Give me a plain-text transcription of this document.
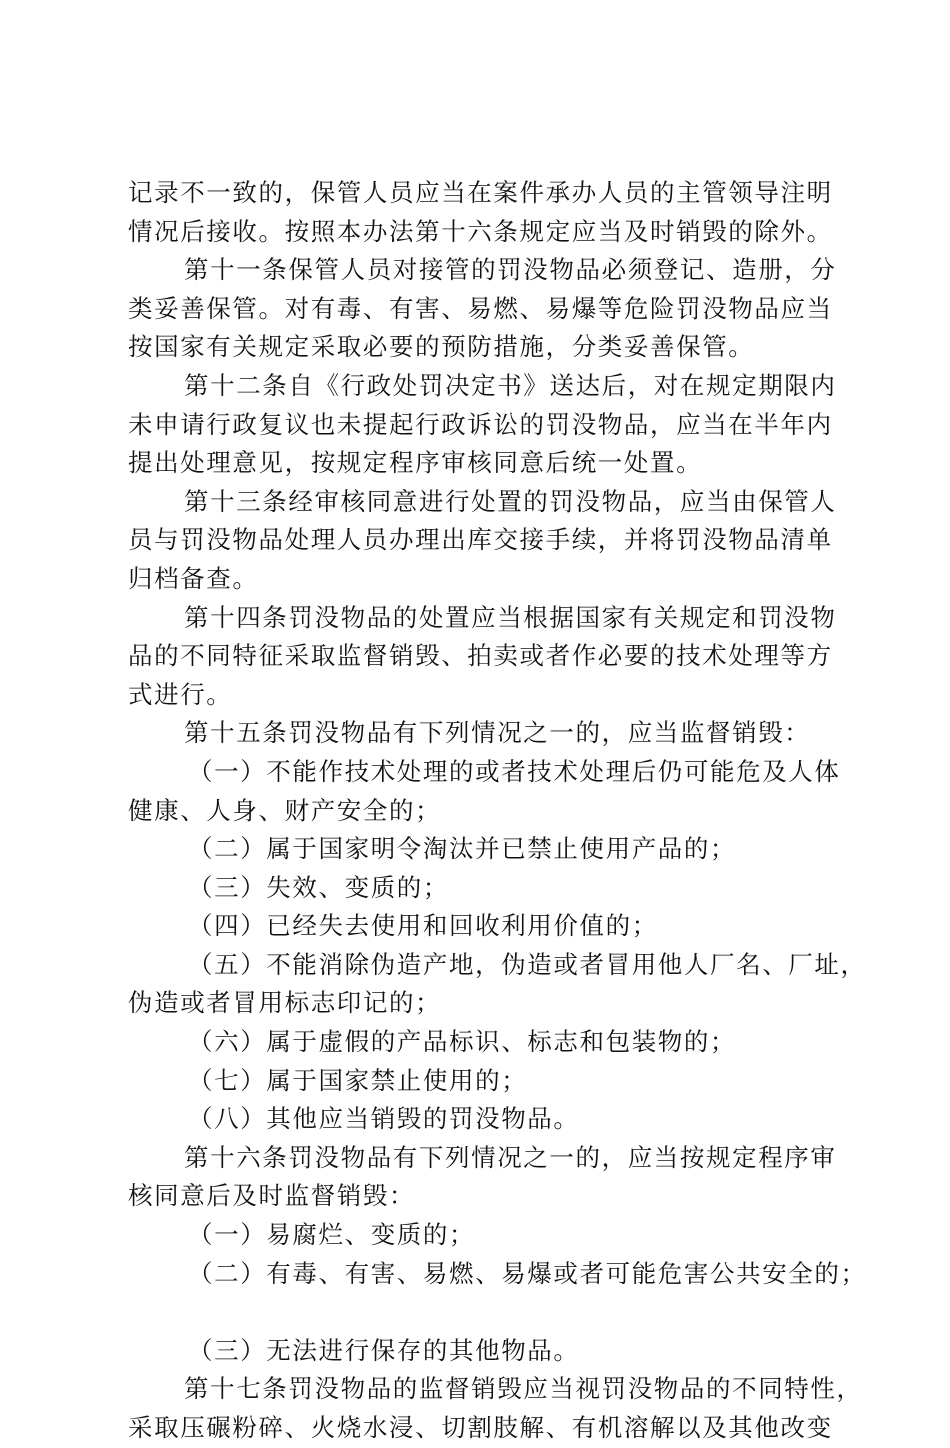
记录不一致的，保管人员应当在案件承办人员的主管领导注明
情况后接收。按照本办法第十六条规定应当及时销毁的除外。
第十一条保管人员对接管的罚没物品必须登记、造册，分
类妥善保管。对有毒、有害、易燃、易爆等危险罚没物品应当
按国家有关规定采取必要的预防措施，分类妥善保管。
第十二条自《行政处罚决定书》送达后，对在规定期限内
未申请行政复议也未提起行政诉讼的罚没物品，应当在半年内
提出处理意见，按规定程序审核同意后统一处置。
第十三条经审核同意进行处置的罚没物品，应当由保管人
员与罚没物品处理人员办理出库交接手续，并将罚没物品清单
归档备查。
第十四条罚没物品的处置应当根据国家有关规定和罚没物
品的不同特征采取监督销毁、拍卖或者作必要的技术处理等方
式进行。
第十五条罚没物品有下列情况之一的，应当监督销毁：
（一）不能作技术处理的或者技术处理后仍可能危及人体
健康、人身、财产安全的；
（二）属于国家明令淘汰并已禁止使用产品的；
（三）失效、变质的；
（四）已经失去使用和回收利用价值的；
（五）不能消除伪造产地，伪造或者冒用他人厂名、厂址，
伪造或者冒用标志印记的；
（六）属于虚假的产品标识、标志和包装物的；
（七）属于国家禁止使用的；
（八）其他应当销毁的罚没物品。
第十六条罚没物品有下列情况之一的，应当按规定程序审
核同意后及时监督销毁：
（一）易腐烂、变质的；
（二）有毒、有害、易燃、易爆或者可能危害公共安全的；
（三）无法进行保存的其他物品。
第十七条罚没物品的监督销毁应当视罚没物品的不同特性，
采取压碾粉碎、火烧水浸、切割肢解、有机溶解以及其他改变
